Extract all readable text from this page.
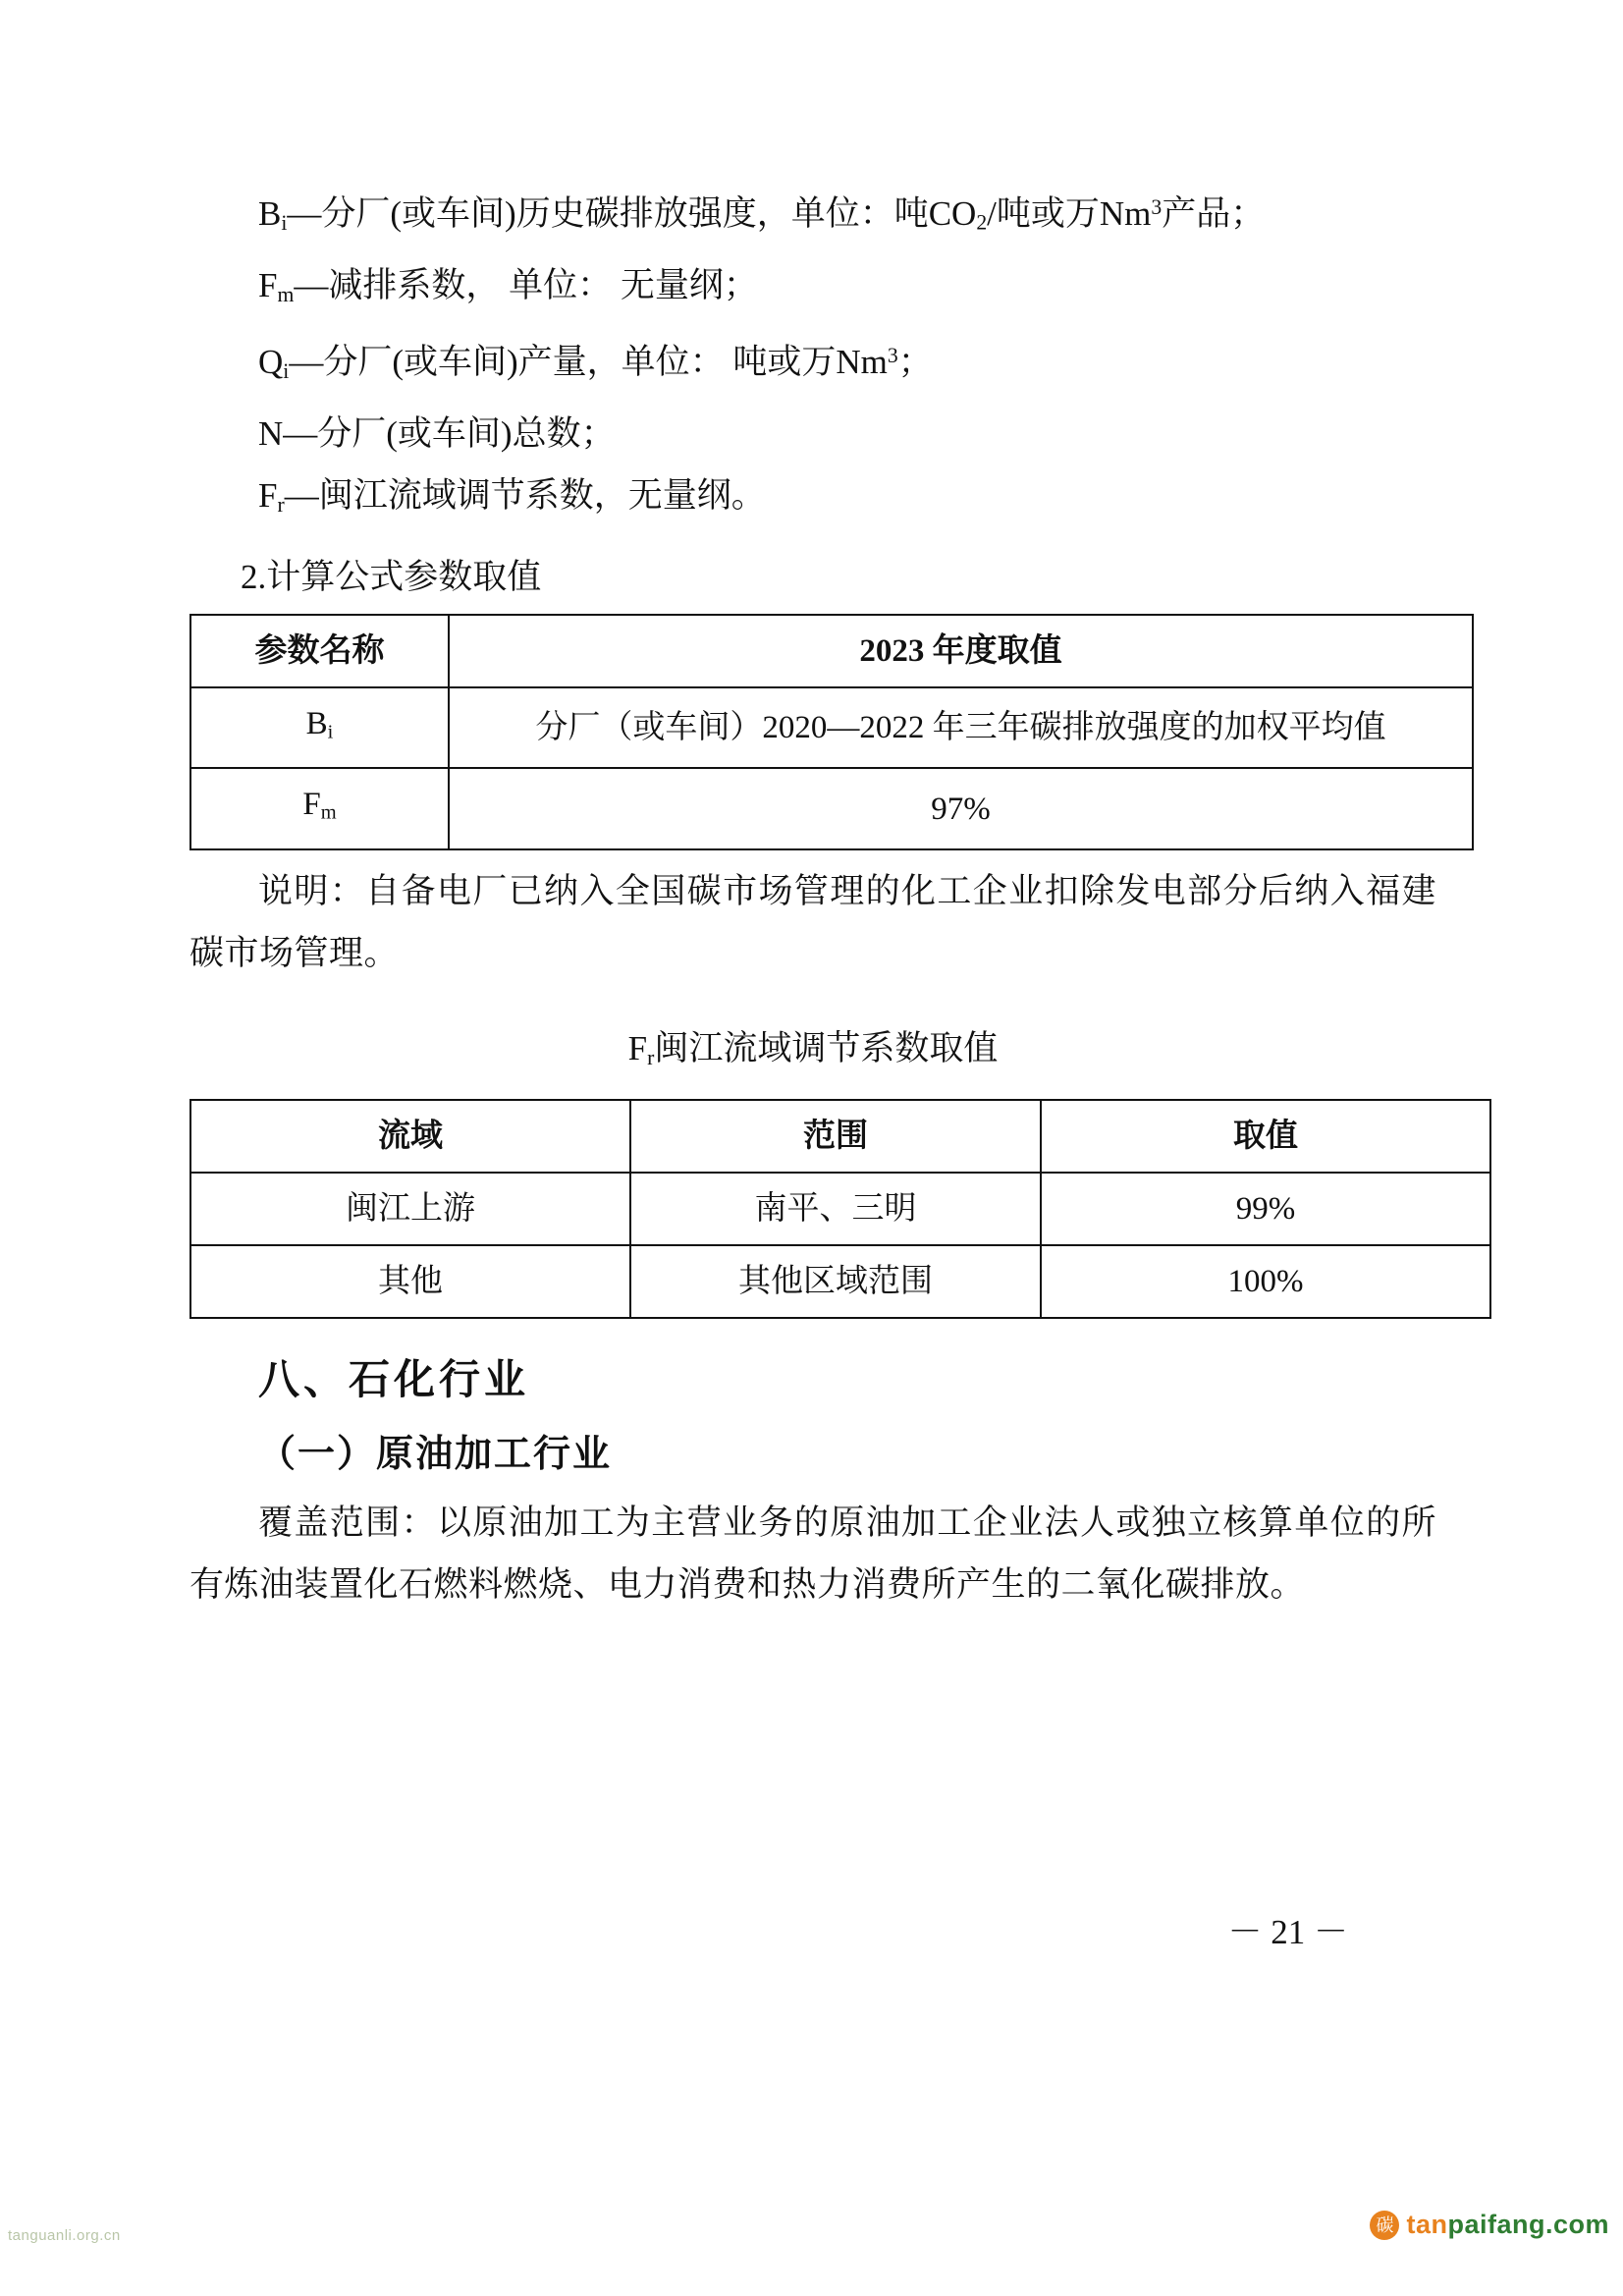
$B_i—$分厂(或车间)历史碳排放强度，单位：吨$CO_2/$吨或万Nm$^3$产品；

$F_m—$减排系数， 单位： 无量纲；

$Q_i—$分厂(或车间)产量，单位： 吨或万Nm$^3$；

N—分厂(或车间)总数；

$F_r—$闽江流域调节系数，无量纲。

2.计算公式参数取值

参数名称	2023 年度取值
$B_i$	分厂（或车间）2020—2022 年三年碳排放强度的加权平均值
$F_m$	97%

说明：自备电厂已纳入全国碳市场管理的化工企业扣除发电部分后纳入福建碳市场管理。

$F_r$闽江流域调节系数取值

流域	范围	取值
闽江上游	南平、三明	99%
其他	其他区域范围	100%
八、石化行业
（一）原油加工行业

覆盖范围：以原油加工为主营业务的原油加工企业法人或独立核算单位的所有炼油装置化石燃料燃烧、电力消费和热力消费所产生的二氧化碳排放。

－ 21 －
tanguanli.org.cn
碳 tanpaifang.com
